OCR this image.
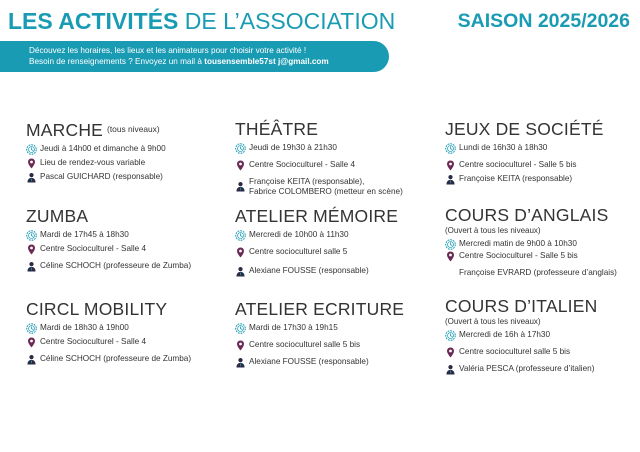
LES ACTIVITÉS DE L’ASSOCIATION	SAISON 2025/2026
Découvez les horaires, les lieux et les animateurs pour choisir votre activité !
Besoin de renseignements ? Envoyez un mail à tousensemble57st j@gmail.com
MARCHE $^{(tous niveaux)}$
Jeudi à 14h00 et dimanche à 9h00
Lieu de rendez-vous variable
Pascal GUICHARD (responsable)
ZUMBA
Mardi de 17h45 à 18h30
Centre Socioculturel - Salle 4
Céline SCHOCH (professeure de Zumba)
CIRCL MOBILITY
Mardi de 18h30 à 19h00
Centre Socioculturel - Salle 4
Céline SCHOCH (professeure de Zumba)
THÉÂTRE
Jeudi de 19h30 à 21h30
Centre Socioculturel - Salle 4
Françoise KEITA (responsable),
Fabrice COLOMBERO (metteur en scène)
ATELIER MÉMOIRE
Mercredi de 10h00 à 11h30
Centre socioculturel salle 5
Alexiane FOUSSE (responsable)
ATELIER ECRITURE
Mardi de 17h30 à 19h15
Centre socioculturel salle 5 bis
Alexiane FOUSSE (responsable)
JEUX DE SOCIÉTÉ
Lundi de 16h30 à 18h30
Centre socioculturel - Salle 5 bis
Françoise KEITA (responsable)
COURS D’ANGLAIS
(Ouvert à tous les niveaux)
Mercredi matin de 9h00 à 10h30
Centre Socioculturel - Salle 5 bis
Françoise EVRARD (professeure d’anglais)
COURS D’ITALIEN
(Ouvert à tous les niveaux)
Mercredi de 16h à 17h30
Centre socioculturel salle 5 bis
Valéria PESCA (professeure d’italien)
